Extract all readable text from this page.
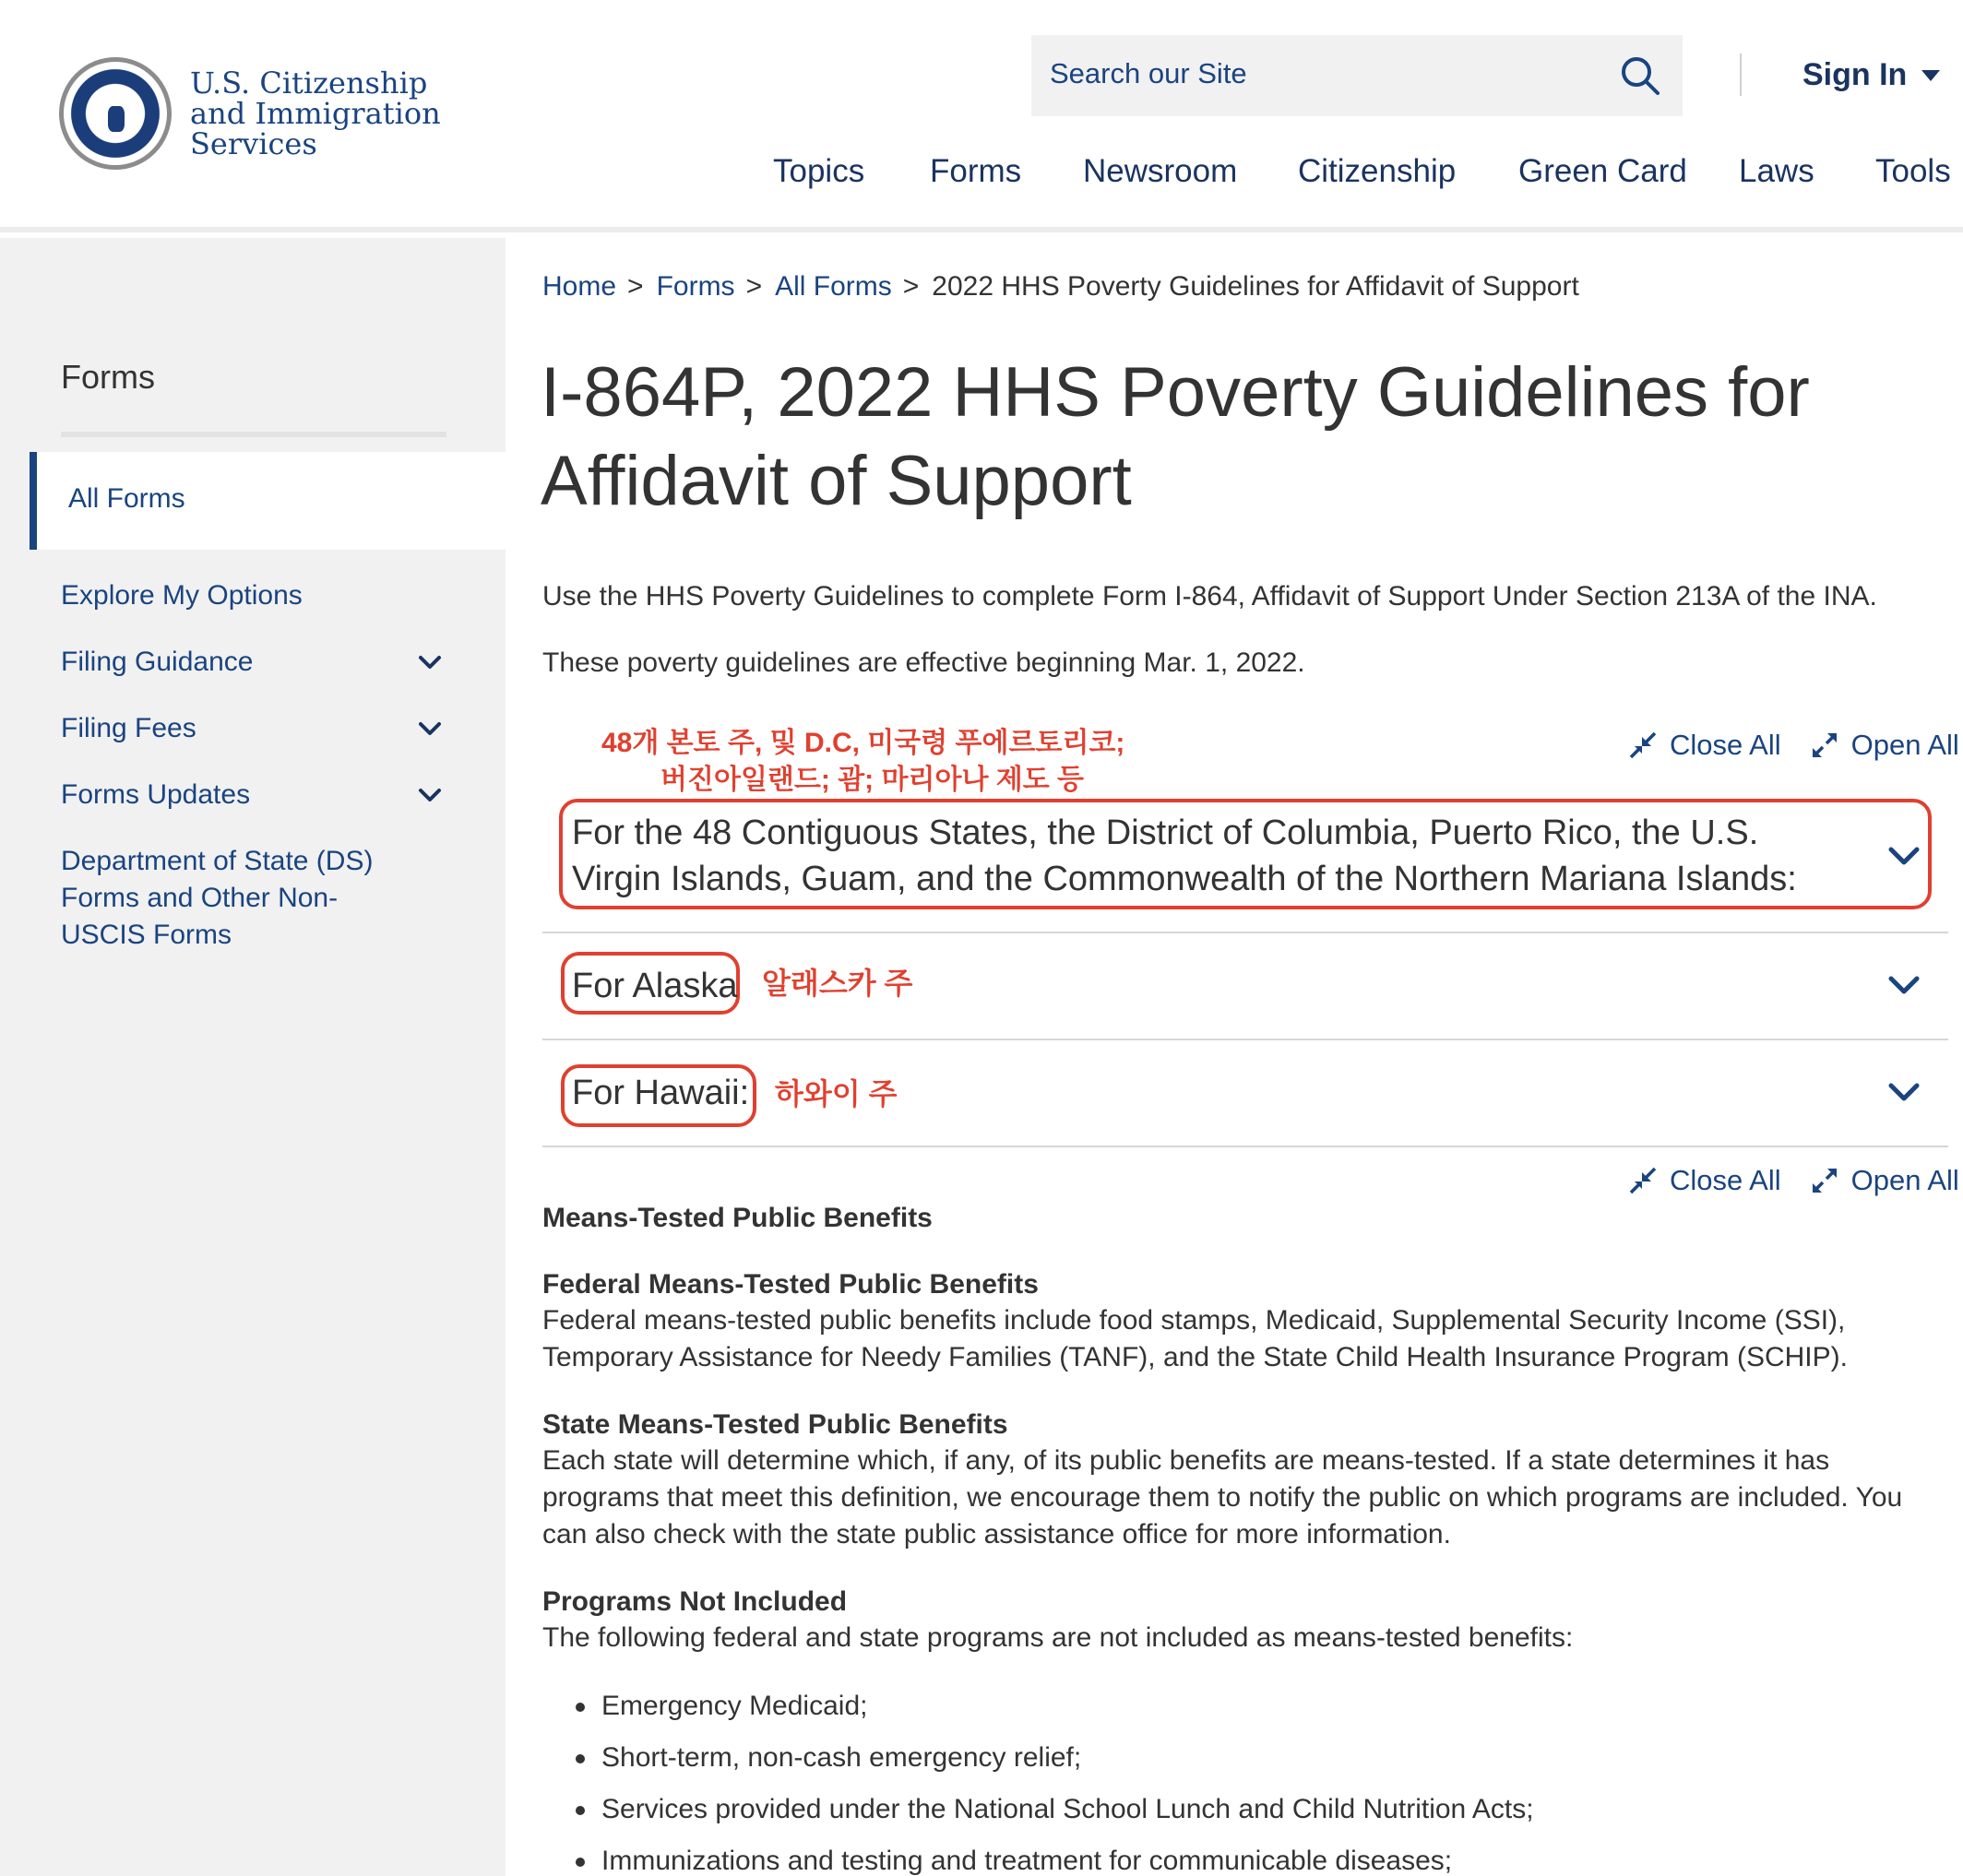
U.S. Citizenship
and Immigration
Services
Search our Site	Sign In
Topics Forms Newsroom Citizenship Green Card Laws Tools
Forms
All Forms
Explore My Options
Filing Guidance
Filing Fees
Forms Updates
Department of State (DS) Forms and Other Non-USCIS Forms
Home > Forms > All Forms > 2022 HHS Poverty Guidelines for Affidavit of Support
I-864P, 2022 HHS Poverty Guidelines for Affidavit of Support
Use the HHS Poverty Guidelines to complete Form I-864, Affidavit of Support Under Section 213A of the INA.
These poverty guidelines are effective beginning Mar. 1, 2022.
48개 본토 주, 및 D.C, 미국령 푸에르토리코;
버진아일랜드; 괌; 마리아나 제도 등
Close All Open All
For the 48 Contiguous States, the District of Columbia, Puerto Rico, the U.S. Virgin Islands, Guam, and the Commonwealth of the Northern Mariana Islands:
For Alaska 알래스카 주
For Hawaii: 하와이 주
Close All Open All
Means-Tested Public Benefits
Federal Means-Tested Public Benefits
Federal means-tested public benefits include food stamps, Medicaid, Supplemental Security Income (SSI), Temporary Assistance for Needy Families (TANF), and the State Child Health Insurance Program (SCHIP).
State Means-Tested Public Benefits
Each state will determine which, if any, of its public benefits are means-tested. If a state determines it has programs that meet this definition, we encourage them to notify the public on which programs are included. You can also check with the state public assistance office for more information.
Programs Not Included
The following federal and state programs are not included as means-tested benefits:
Emergency Medicaid;
Short-term, non-cash emergency relief;
Services provided under the National School Lunch and Child Nutrition Acts;
Immunizations and testing and treatment for communicable diseases;
